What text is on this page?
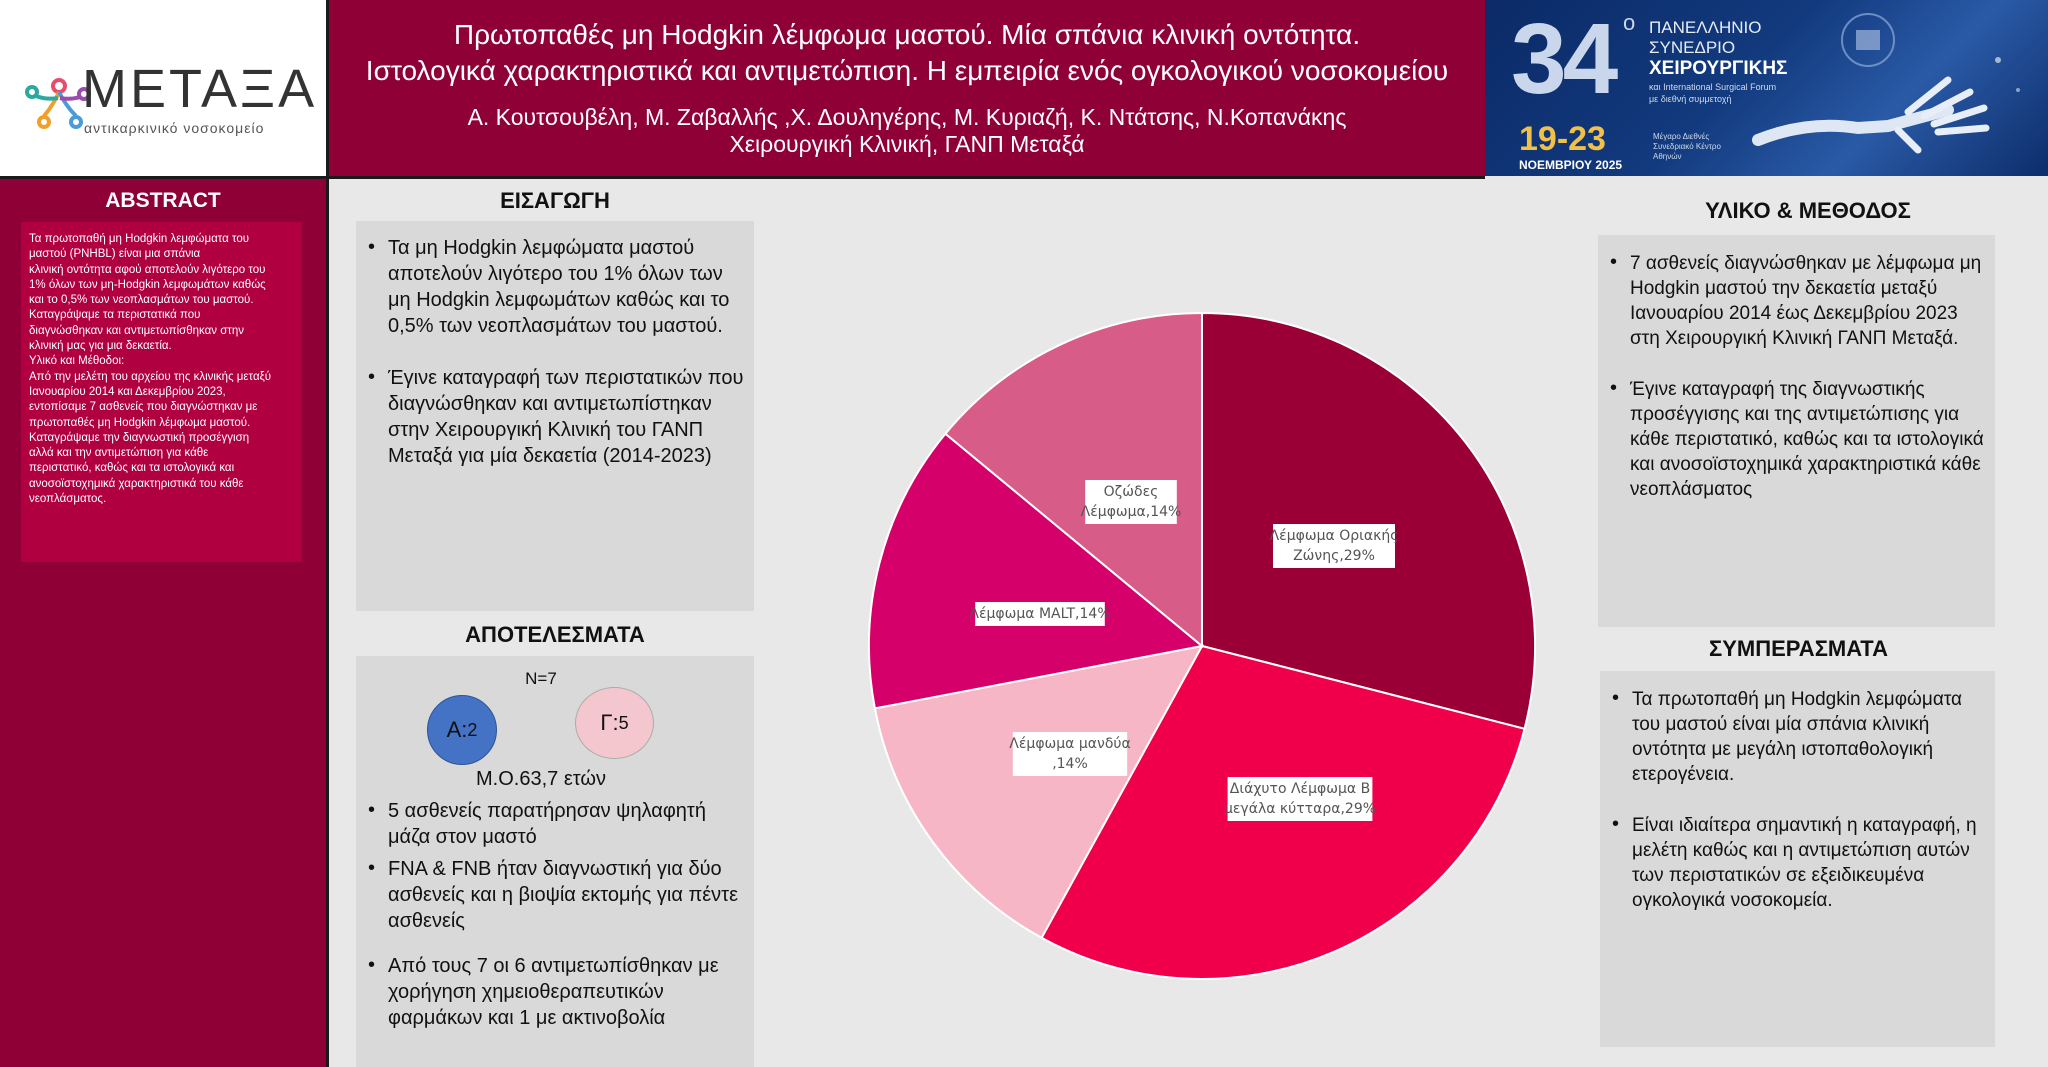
ΜΕΤΑΞΑ
αντικαρκινικό νοσοκομείο
Πρωτοπαθές μη Hodgkin λέμφωμα μαστού. Μία σπάνια κλινική οντότητα.
Ιστολογικά χαρακτηριστικά και αντιμετώπιση. Η εμπειρία ενός ογκολογικού νοσοκομείου
Α. Κουτσουβέλη, Μ. Ζαβαλλής ,Χ. Δουληγέρης, Μ. Κυριαζή, Κ. Ντάτσης, Ν.Κοπανάκης
Χειρουργική Κλινική, ΓΑΝΠ Μεταξά
34 ο ΠΑΝΕΛΛΗΝΙΟ
ΣΥΝΕΔΡΙΟ
ΧΕΙΡΟΥΡΓΙΚΗΣ
και International Surgical Forum
με διεθνή συμμετοχή
19-23
ΝΟΕΜΒΡΙΟΥ 2025
Μέγαρο Διεθνές
Συνεδριακό Κέντρο
Αθηνών
ABSTRACT

Τα πρωτοπαθή μη Hodgkin λεμφώματα του
μαστού (PNHBL) είναι μια σπάνια
κλινική οντότητα αφού αποτελούν λιγότερο του
1% όλων των μη-Hodgkin λεμφωμάτων καθώς
και το 0,5% των νεοπλασμάτων του μαστού.
Καταγράψαμε τα περιστατικά που
διαγνώσθηκαν και αντιμετωπίσθηκαν στην
κλινική μας για μια δεκαετία.
Υλικό και Μέθοδοι:
Από την μελέτη του αρχείου της κλινικής μεταξύ
Ιανουαρίου 2014 και Δεκεμβρίου 2023,
εντοπίσαμε 7 ασθενείς που διαγνώστηκαν με
πρωτοπαθές μη Hodgkin λέμφωμα μαστού.
Καταγράψαμε την διαγνωστική προσέγγιση
αλλά και την αντιμετώπιση για κάθε
περιστατικό, καθώς και τα ιστολογικά και
ανοσοϊστοχημικά χαρακτηριστικά του κάθε
νεοπλάσματος.

ΕΙΣΑΓΩΓΗ
• Τα μη Hodgkin λεμφώματα μαστού αποτελούν λιγότερο του 1% όλων των μη Hodgkin λεμφωμάτων καθώς και το 0,5% των νεοπλασμάτων του μαστού.
• Έγινε καταγραφή των περιστατικών που διαγνώσθηκαν και αντιμετωπίστηκαν στην Χειρουργική Κλινική του ΓΑΝΠ Μεταξά για μία δεκαετία (2014-2023)
ΑΠΟΤΕΛΕΣΜΑΤΑ
N=7
Α: 2	Γ: 5
Μ.Ο.63,7 ετών
• 5 ασθενείς παρατήρησαν ψηλαφητή μάζα στον μαστό
• FNA & FNB ήταν διαγνωστική για δύο ασθενείς και η βιοψία εκτομής για πέντε ασθενείς
• Από τους 7 οι 6 αντιμετωπίσθηκαν με χορήγηση χημειοθεραπευτικών φαρμάκων και 1 με ακτινοβολία
Λέμφωμα Οριακής
Ζώνης,29%
Διάχυτο Λέμφωμα Β
μεγάλα κύτταρα,29%
Λέμφωμα μανδύα
,14%
Λέμφωμα MALT,14%
Οζώδες
Λέμφωμα,14%
ΥΛΙΚΟ & ΜΕΘΟΔΟΣ
• 7 ασθενείς διαγνώσθηκαν με λέμφωμα μη Hodgkin μαστού την δεκαετία μεταξύ Ιανουαρίου 2014 έως Δεκεμβρίου 2023 στη Χειρουργική Κλινική ΓΑΝΠ Μεταξά.
• Έγινε καταγραφή της διαγνωστικής προσέγγισης και της αντιμετώπισης για κάθε περιστατικό, καθώς και τα ιστολογικά και ανοσοϊστοχημικά χαρακτηριστικά κάθε νεοπλάσματος
ΣΥΜΠΕΡΑΣΜΑΤΑ
• Τα πρωτοπαθή μη Hodgkin λεμφώματα του μαστού είναι μία σπάνια κλινική οντότητα με μεγάλη ιστοπαθολογική ετερογένεια.
• Είναι ιδιαίτερα σημαντική η καταγραφή, η μελέτη καθώς και η αντιμετώπιση αυτών των περιστατικών σε εξειδικευμένα ογκολογικά νοσοκομεία.
